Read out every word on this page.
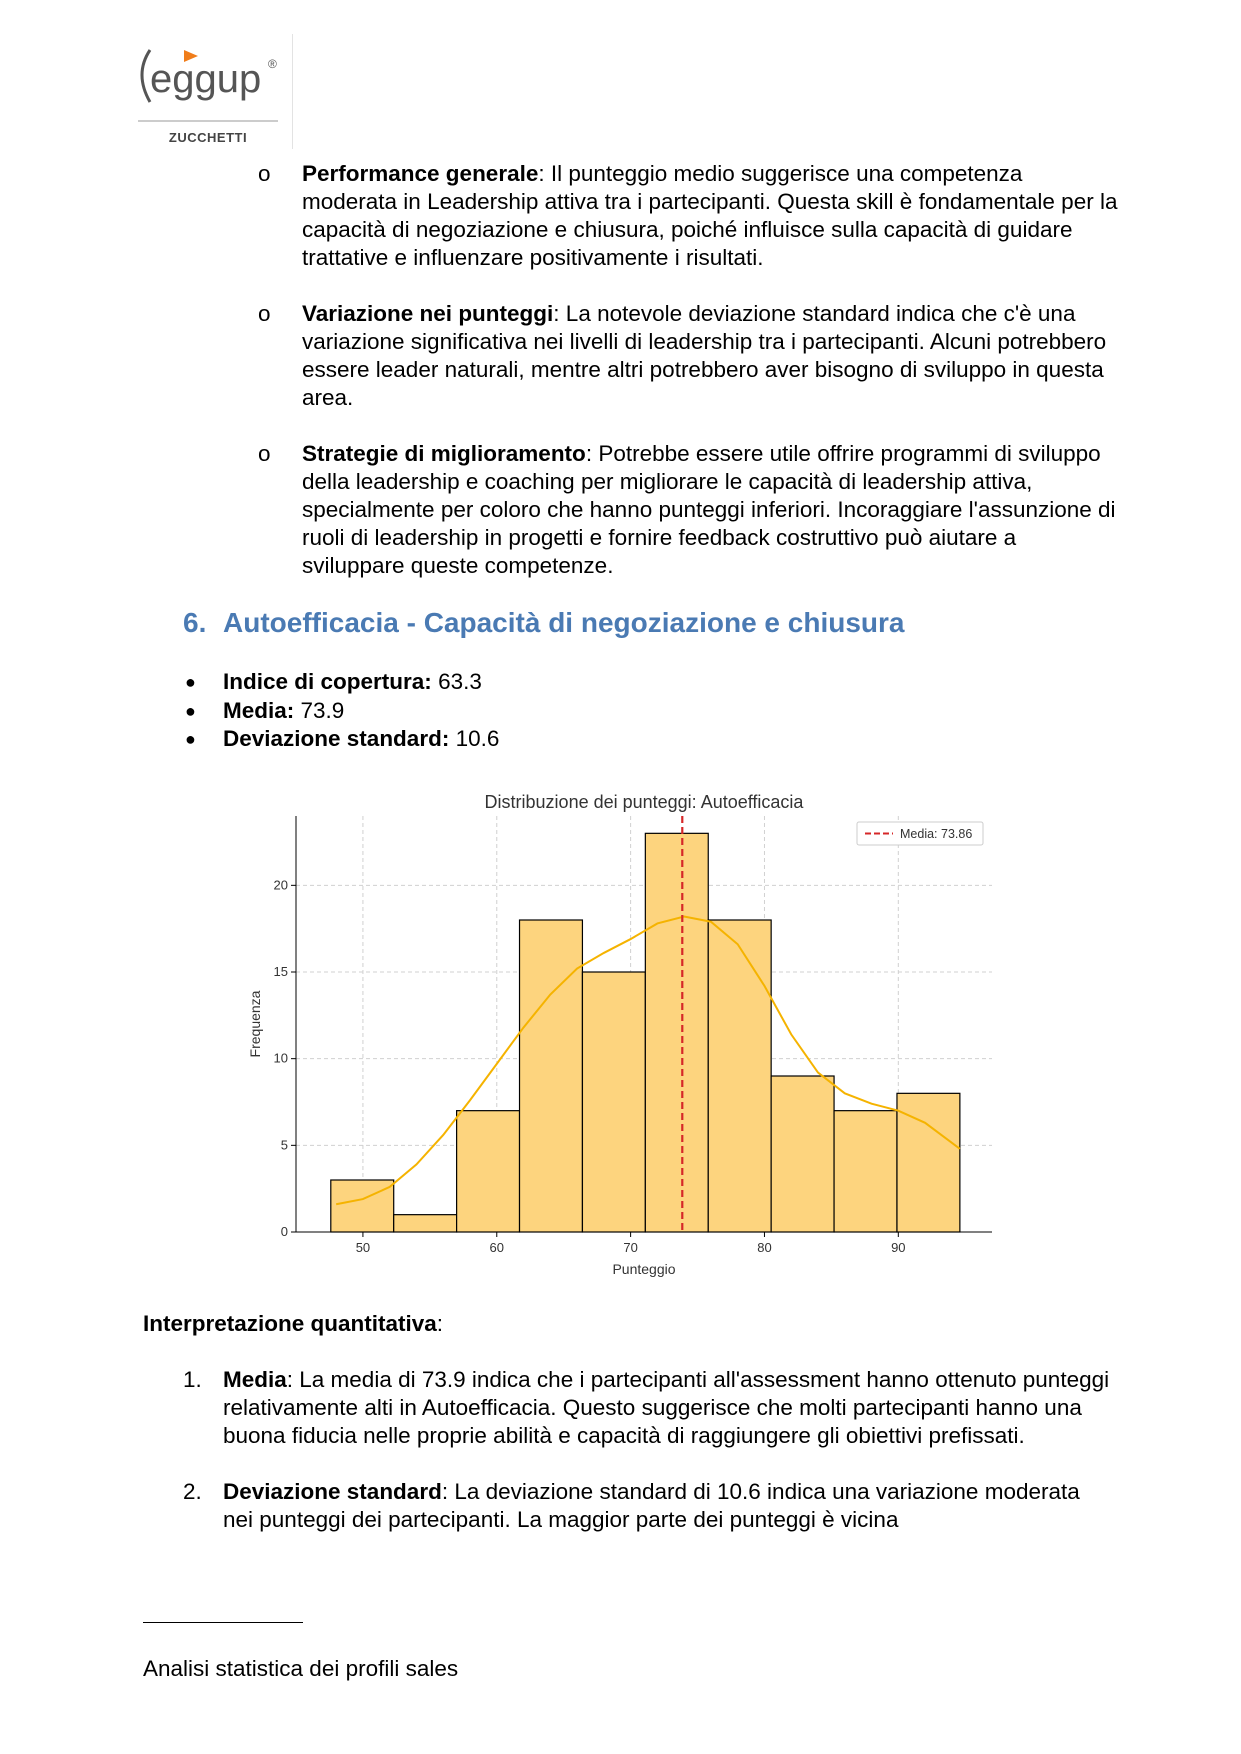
eggup ®
ZUCCHETTI
o Performance generale: Il punteggio medio suggerisce una competenza moderata in Leadership attiva tra i partecipanti. Questa skill è fondamentale per la capacità di negoziazione e chiusura, poiché influisce sulla capacità di guidare trattative e influenzare positivamente i risultati.
o Variazione nei punteggi: La notevole deviazione standard indica che c'è una variazione significativa nei livelli di leadership tra i partecipanti. Alcuni potrebbero essere leader naturali, mentre altri potrebbero aver bisogno di sviluppo in questa area.
o Strategie di miglioramento: Potrebbe essere utile offrire programmi di sviluppo della leadership e coaching per migliorare le capacità di leadership attiva, specialmente per coloro che hanno punteggi inferiori. Incoraggiare l'assunzione di ruoli di leadership in progetti e fornire feedback costruttivo può aiutare a sviluppare queste competenze.
6. Autoefficacia - Capacità di negoziazione e chiusura
● Indice di copertura: 63.3
● Media: 73.9
● Deviazione standard: 10.6
50	60	70	80	90
0
5
10
15
20
Distribuzione dei punteggi: Autoefficacia
Punteggio
Frequenza
Media: 73.86
Interpretazione quantitativa:
1. Media: La media di 73.9 indica che i partecipanti all'assessment hanno ottenuto punteggi relativamente alti in Autoefficacia. Questo suggerisce che molti partecipanti hanno una buona fiducia nelle proprie abilità e capacità di raggiungere gli obiettivi prefissati.
2. Deviazione standard: La deviazione standard di 10.6 indica una variazione moderata nei punteggi dei partecipanti. La maggior parte dei punteggi è vicina
Analisi statistica dei profili sales
